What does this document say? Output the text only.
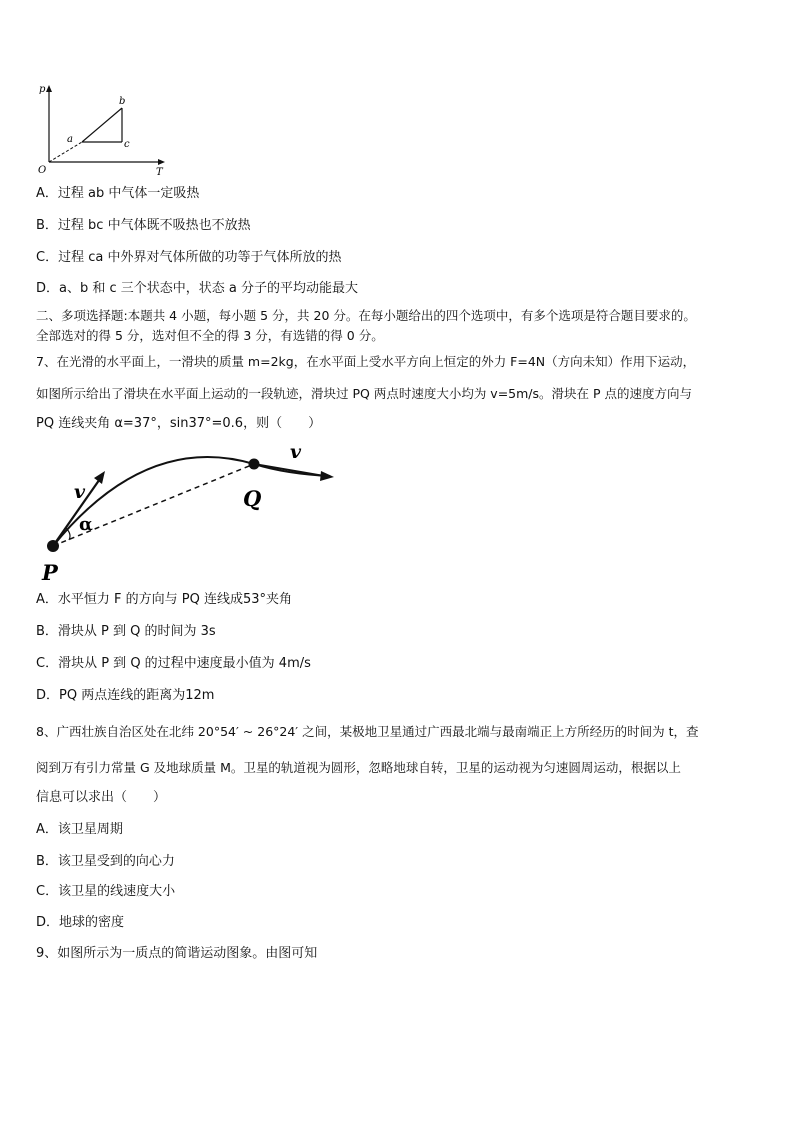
p
b
a	c
O	T
A．过程 ab 中气体一定吸热
B．过程 bc 中气体既不吸热也不放热
C．过程 ca 中外界对气体所做的功等于气体所放的热
D．a、b 和 c 三个状态中，状态 a 分子的平均动能最大
二、多项选择题:本题共 4 小题，每小题 5 分，共 20 分。在每小题给出的四个选项中，有多个选项是符合题目要求的。
全部选对的得 5 分，选对但不全的得 3 分，有选错的得 0 分。
7、在光滑的水平面上，一滑块的质量 m=2kg，在水平面上受水平方向上恒定的外力 F=4N（方向未知）作用下运动，
如图所示给出了滑块在水平面上运动的一段轨迹，滑块过 PQ 两点时速度大小均为 v=5m/s。滑块在 P 点的速度方向与
PQ 连线夹角 α=37°，sin37°=0.6，则（　　）
v
v
α
P
Q
A．水平恒力 F 的方向与 PQ 连线成53°夹角
B．滑块从 P 到 Q 的时间为 3s
C．滑块从 P 到 Q 的过程中速度最小值为 4m/s
D．PQ 两点连线的距离为12m
8、广西壮族自治区处在北纬 20°54′ ~ 26°24′ 之间，某极地卫星通过广西最北端与最南端正上方所经历的时间为 t，查
阅到万有引力常量 G 及地球质量 M。卫星的轨道视为圆形，忽略地球自转，卫星的运动视为匀速圆周运动，根据以上
信息可以求出（　　）
A．该卫星周期
B．该卫星受到的向心力
C．该卫星的线速度大小
D．地球的密度
9、如图所示为一质点的简谐运动图象。由图可知
